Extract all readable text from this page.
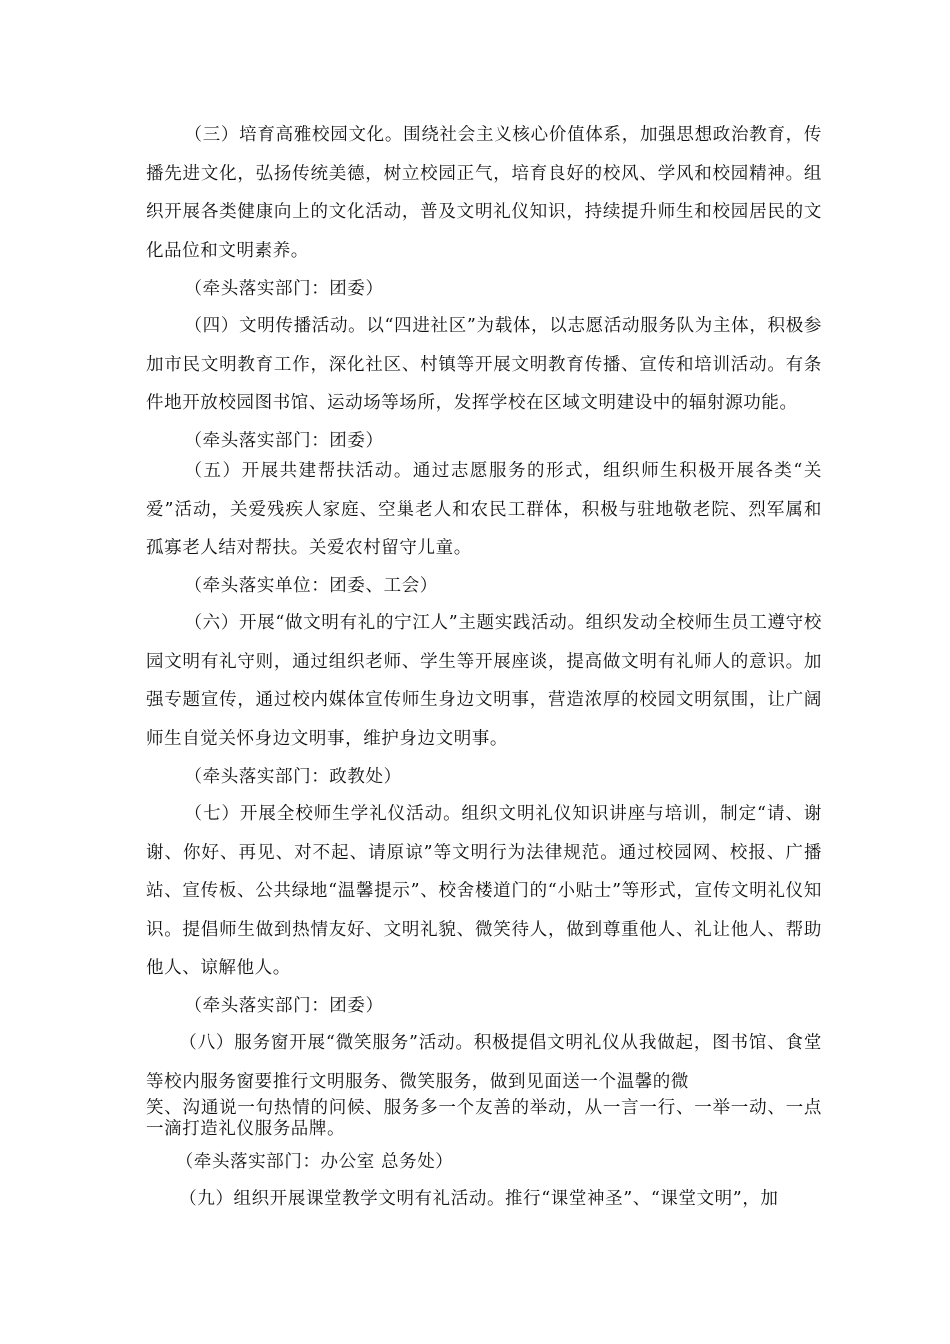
（三）培育高雅校园文化。围绕社会主义核心价值体系，加强思想政治教育，传播先进文化，弘扬传统美德，树立校园正气，培育良好的校风、学风和校园精神。组织开展各类健康向上的文化活动，普及文明礼仪知识，持续提升师生和校园居民的文化品位和文明素养。

（牵头落实部门：团委）

（四）文明传播活动。以“四进社区”为载体，以志愿活动服务队为主体，积极参加市民文明教育工作，深化社区、村镇等开展文明教育传播、宣传和培训活动。有条件地开放校园图书馆、运动场等场所，发挥学校在区域文明建设中的辐射源功能。

（牵头落实部门：团委）

（五）开展共建帮扶活动。通过志愿服务的形式，组织师生积极开展各类“关爱”活动，关爱残疾人家庭、空巢老人和农民工群体，积极与驻地敬老院、烈军属和孤寡老人结对帮扶。关爱农村留守儿童。

（牵头落实单位：团委、工会）

（六）开展“做文明有礼的宁江人”主题实践活动。组织发动全校师生员工遵守校园文明有礼守则，通过组织老师、学生等开展座谈，提高做文明有礼师人的意识。加强专题宣传，通过校内媒体宣传师生身边文明事，营造浓厚的校园文明氛围，让广阔师生自觉关怀身边文明事，维护身边文明事。

（牵头落实部门：政教处）

（七）开展全校师生学礼仪活动。组织文明礼仪知识讲座与培训，制定“请、谢谢、你好、再见、对不起、请原谅”等文明行为法律规范。通过校园网、校报、广播站、宣传板、公共绿地“温馨提示”、校舍楼道门的“小贴士”等形式，宣传文明礼仪知识。提倡师生做到热情友好、文明礼貌、微笑待人，做到尊重他人、礼让他人、帮助他人、谅解他人。

（牵头落实部门：团委）

（八）服务窗开展“微笑服务”活动。积极提倡文明礼仪从我做起，图书馆、食堂等校内服务窗要推行文明服务、微笑服务，做到见面送一个温馨的微

笑、沟通说一句热情的问候、服务多一个友善的举动，从一言一行、一举一动、一点一滴打造礼仪服务品牌。

（牵头落实部门：办公室 总务处）

（九）组织开展课堂教学文明有礼活动。推行“课堂神圣”、“课堂文明”，加
